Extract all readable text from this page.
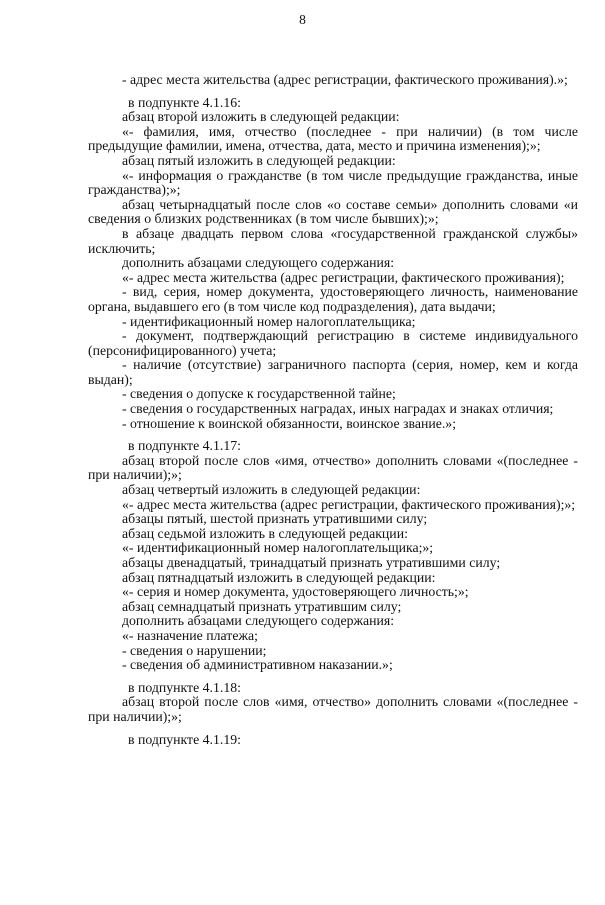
8

- адрес места жительства (адрес регистрации, фактического проживания).»;

в подпункте 4.1.16:

абзац второй изложить в следующей редакции:

«- фамилия, имя, отчество (последнее - при наличии) (в том числе предыдущие фамилии, имена, отчества, дата, место и причина изменения);»;

абзац пятый изложить в следующей редакции:

«- информация о гражданстве (в том числе предыдущие гражданства, иные гражданства);»;

абзац четырнадцатый после слов «о составе семьи» дополнить словами «и сведения о близких родственниках (в том числе бывших);»;

в абзаце двадцать первом слова «государственной гражданской службы» исключить;

дополнить абзацами следующего содержания:

«- адрес места жительства (адрес регистрации, фактического проживания);

- вид, серия, номер документа, удостоверяющего личность, наименование органа, выдавшего его (в том числе код подразделения), дата выдачи;

- идентификационный номер налогоплательщика;

- документ, подтверждающий регистрацию в системе индивидуального (персонифицированного) учета;

- наличие (отсутствие) заграничного паспорта (серия, номер, кем и когда выдан);

- сведения о допуске к государственной тайне;

- сведения о государственных наградах, иных наградах и знаках отличия;

- отношение к воинской обязанности, воинское звание.»;

в подпункте 4.1.17:

абзац второй после слов «имя, отчество» дополнить словами «(последнее - при наличии);»;

абзац четвертый изложить в следующей редакции:

«- адрес места жительства (адрес регистрации, фактического проживания);»;

абзацы пятый, шестой признать утратившими силу;

абзац седьмой изложить в следующей редакции:

«- идентификационный номер налогоплательщика;»;

абзацы двенадцатый, тринадцатый признать утратившими силу;

абзац пятнадцатый изложить в следующей редакции:

«- серия и номер документа, удостоверяющего личность;»;

абзац семнадцатый признать утратившим силу;

дополнить абзацами следующего содержания:

«- назначение платежа;

- сведения о нарушении;

- сведения об административном наказании.»;

в подпункте 4.1.18:

абзац второй после слов «имя, отчество» дополнить словами «(последнее - при наличии);»;

в подпункте 4.1.19:
